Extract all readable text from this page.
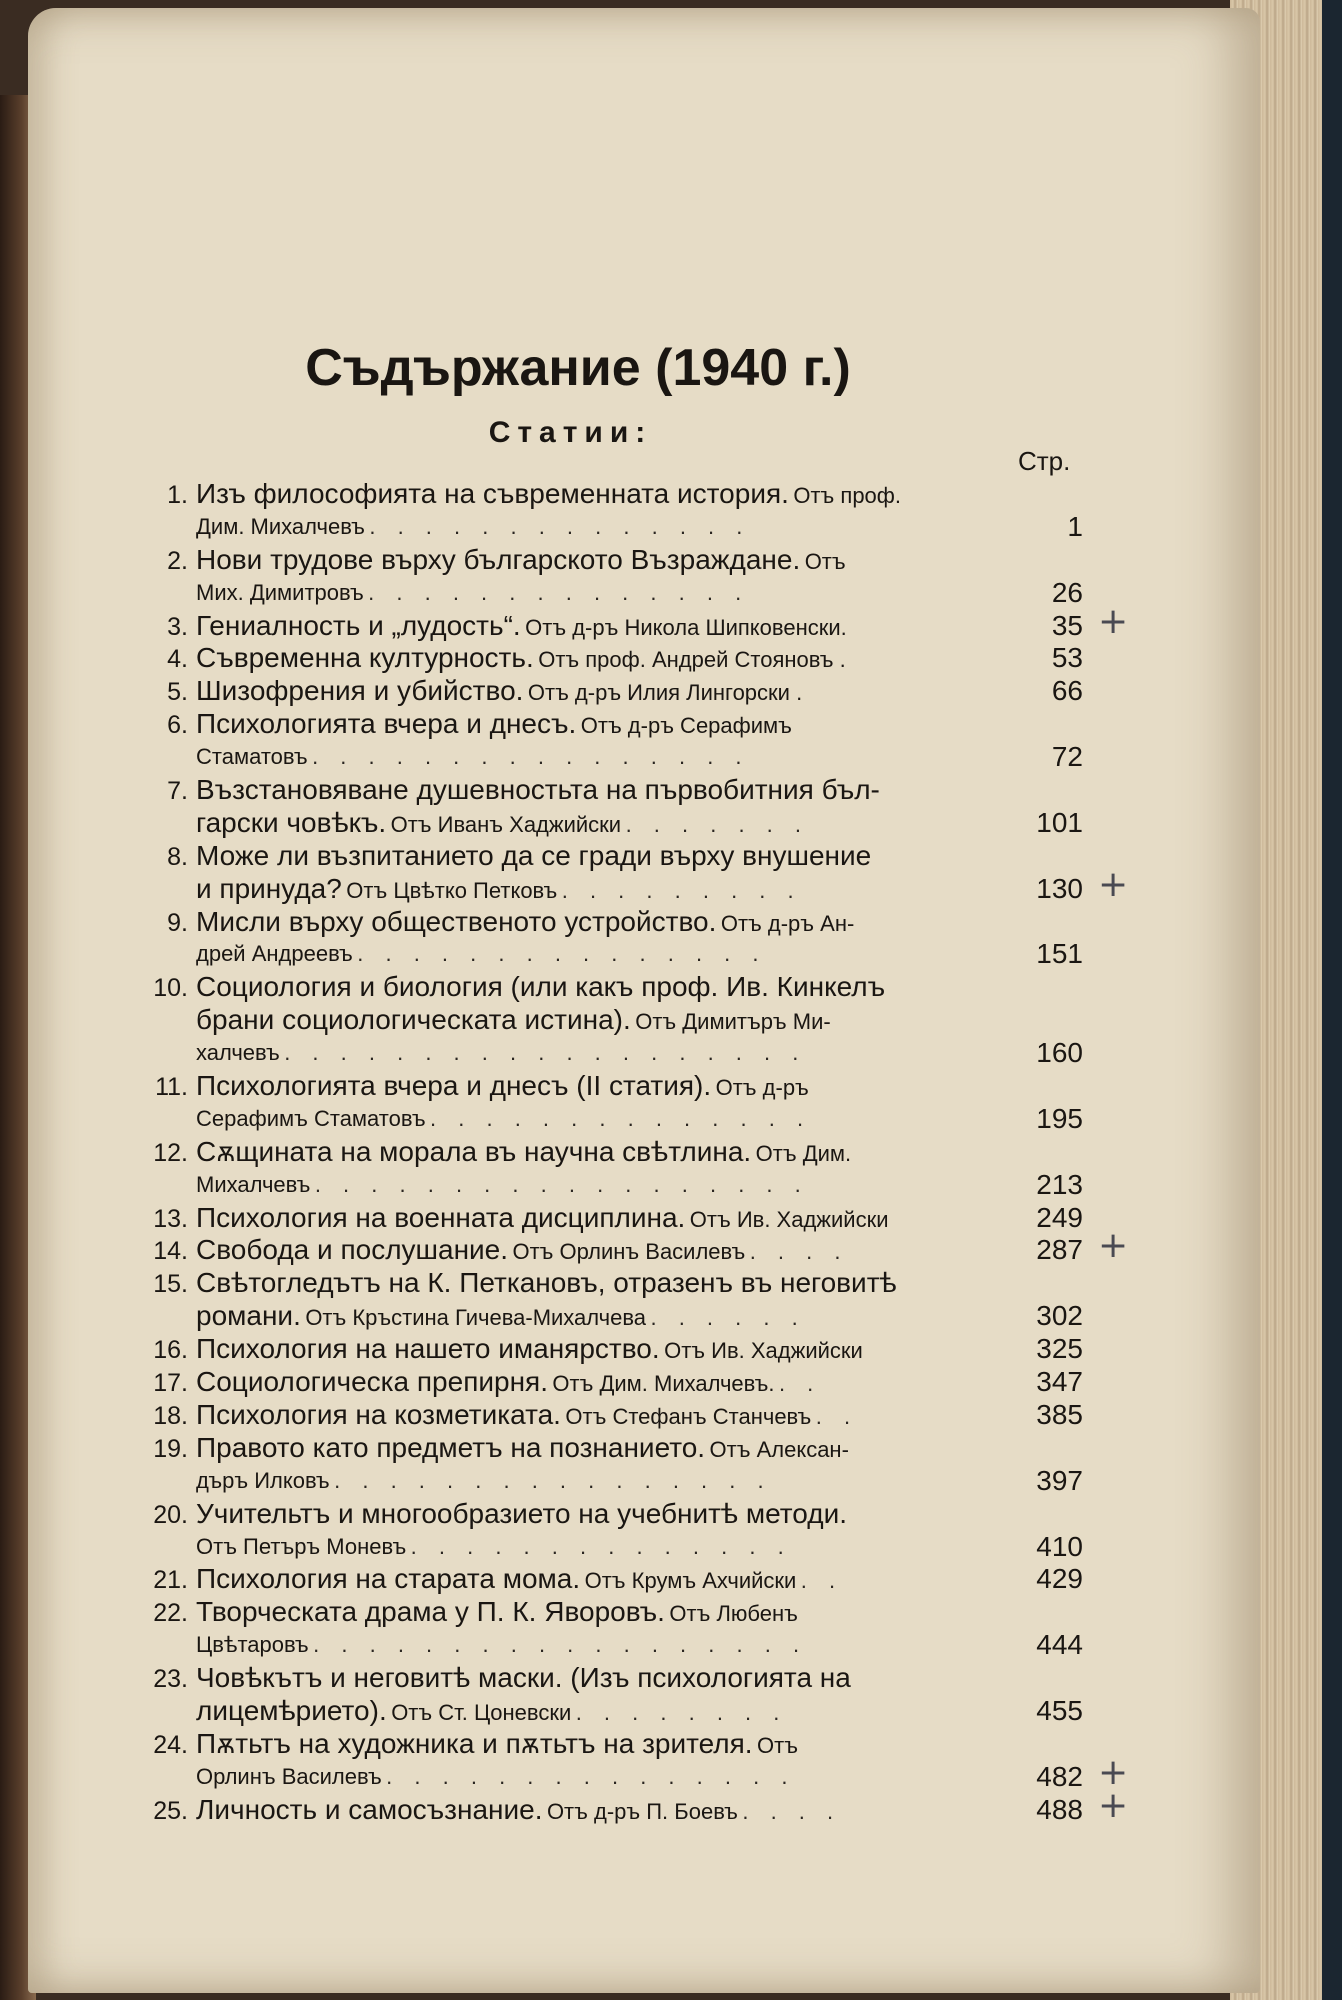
Съдържание (1940 г.)
Статии:
Стр.
1. Изъ философията на съвременната история. Отъ проф.
Дим. Михалчевъ . . . . . . . . . . . . . .	1
2. Нови трудове върху българското Възраждане. Отъ
Мих. Димитровъ . . . . . . . . . . . . . .	26
3. Гениалность и „лудость“. Отъ д-ръ Никола Шипковенски.	35 +
4. Съвременна културность. Отъ проф. Андрей Стояновъ .	53
5. Шизофрения и убийство. Отъ д-ръ Илия Лингорски .	66
6. Психологията вчера и днесъ. Отъ д-ръ Серафимъ
Стаматовъ . . . . . . . . . . . . . . . .	72
7. Възстановяване душевностьта на първобитния бъл-
гарски човѣкъ. Отъ Иванъ Хаджийски . . . . . . .	101
8. Може ли възпитанието да се гради върху внушение
и принуда? Отъ Цвѣтко Петковъ . . . . . . . . .	130 +
9. Мисли върху общественото устройство. Отъ д-ръ Ан-
дрей Андреевъ . . . . . . . . . . . . . . .	151
10. Социология и биология (или какъ проф. Ив. Кинкелъ
брани социологическата истина). Отъ Димитъръ Ми-
халчевъ . . . . . . . . . . . . . . . . . . .	160
11. Психологията вчера и днесъ (II статия). Отъ д-ръ
Серафимъ Стаматовъ . . . . . . . . . . . . . .	195
12. Сѫщината на морала въ научна свѣтлина. Отъ Дим.
Михалчевъ . . . . . . . . . . . . . . . . . .	213
13. Психология на военната дисциплина. Отъ Ив. Хаджийски	249
14. Свобода и послушание. Отъ Орлинъ Василевъ . . . .	287 +
15. Свѣтогледътъ на К. Петкановъ, отразенъ въ неговитѣ
романи. Отъ Кръстина Гичева-Михалчева . . . . . .	302
16. Психология на нашето иманярство. Отъ Ив. Хаджийски	325
17. Социологическа препирня. Отъ Дим. Михалчевъ. . .	347
18. Психология на козметиката. Отъ Стефанъ Станчевъ . .	385
19. Правото като предметъ на познанието. Отъ Алексан-
дъръ Илковъ . . . . . . . . . . . . . . . .	397
20. Учительтъ и многообразието на учебнитѣ методи.
Отъ Петъръ Моневъ . . . . . . . . . . . . . .	410
21. Психология на старата мома. Отъ Крумъ Ахчийски . .	429
22. Творческата драма у П. К. Яворовъ. Отъ Любенъ
Цвѣтаровъ . . . . . . . . . . . . . . . . . .	444
23. Човѣкътъ и неговитѣ маски. (Изъ психологията на
лицемѣрието). Отъ Ст. Цоневски . . . . . . . .	455
24. Пѫтьтъ на художника и пѫтьтъ на зрителя. Отъ
Орлинъ Василевъ . . . . . . . . . . . . . . .	482 +
25. Личность и самосъзнание. Отъ д-ръ П. Боевъ . . . .	488 +
